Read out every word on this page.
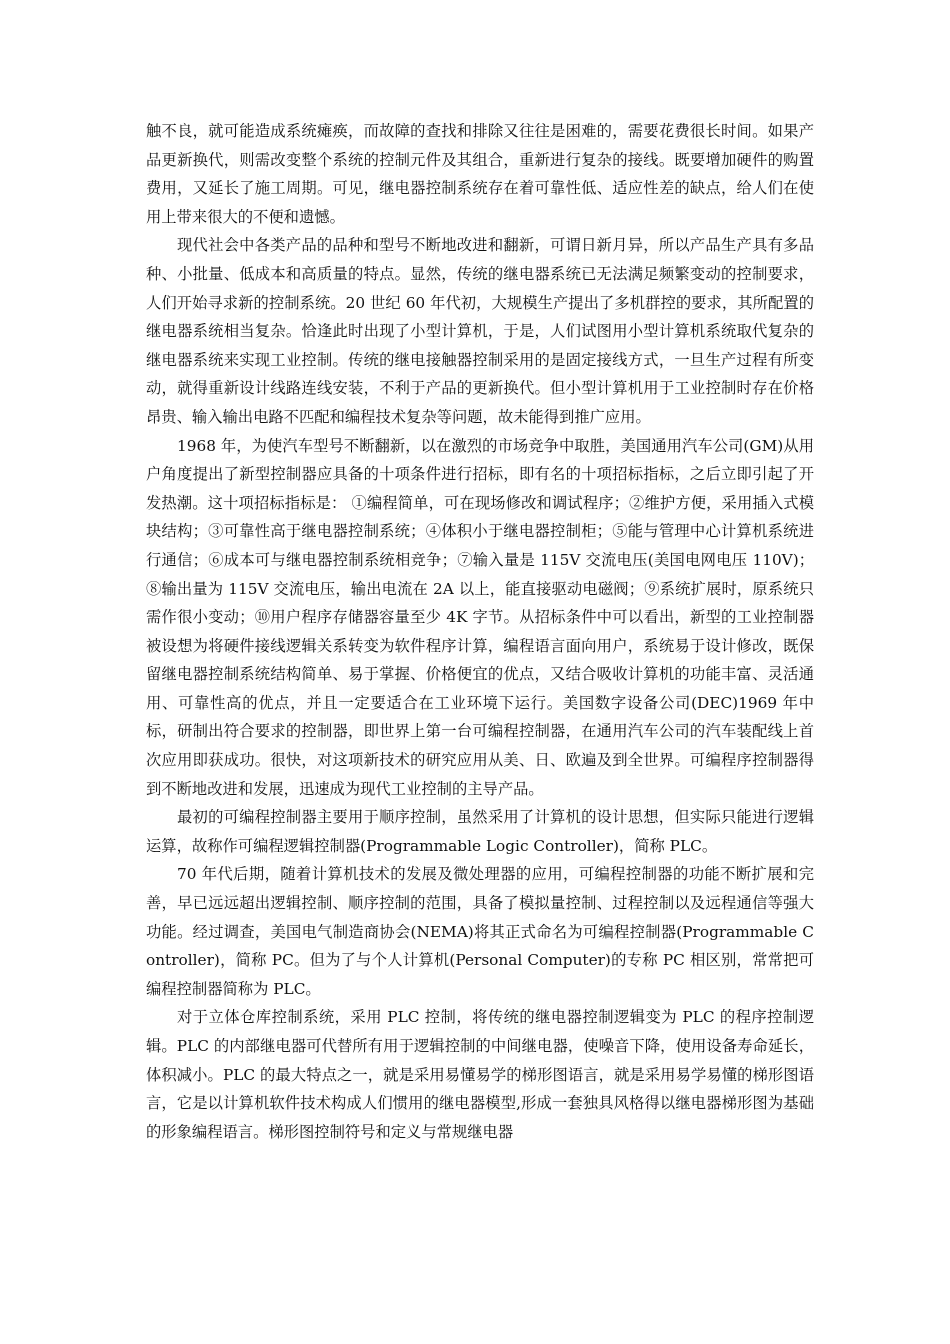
触不良，就可能造成系统瘫痪，而故障的查找和排除又往往是困难的，需要花费很长时间。如果产品更新换代，则需改变整个系统的控制元件及其组合，重新进行复杂的接线。既要增加硬件的购置费用，又延长了施工周期。可见，继电器控制系统存在着可靠性低、适应性差的缺点，给人们在使用上带来很大的不便和遗憾。

现代社会中各类产品的品种和型号不断地改进和翻新，可谓日新月异，所以产品生产具有多品种、小批量、低成本和高质量的特点。显然，传统的继电器系统已无法满足频繁变动的控制要求，人们开始寻求新的控制系统。20 世纪 60 年代初，大规模生产提出了多机群控的要求，其所配置的继电器系统相当复杂。恰逢此时出现了小型计算机，于是，人们试图用小型计算机系统取代复杂的继电器系统来实现工业控制。传统的继电接触器控制采用的是固定接线方式，一旦生产过程有所变动，就得重新设计线路连线安装，不利于产品的更新换代。但小型计算机用于工业控制时存在价格昂贵、输入输出电路不匹配和编程技术复杂等问题，故未能得到推广应用。

1968 年，为使汽车型号不断翻新，以在激烈的市场竞争中取胜，美国通用汽车公司(GM)从用户角度提出了新型控制器应具备的十项条件进行招标，即有名的十项招标指标，之后立即引起了开发热潮。这十项招标指标是： ①编程简单，可在现场修改和调试程序；②维护方便，采用插入式模块结构；③可靠性高于继电器控制系统；④体积小于继电器控制柜；⑤能与管理中心计算机系统进行通信；⑥成本可与继电器控制系统相竞争；⑦输入量是 115V 交流电压(美国电网电压 110V)；⑧输出量为 115V 交流电压，输出电流在 2A 以上，能直接驱动电磁阀；⑨系统扩展时，原系统只需作很小变动；⑩用户程序存储器容量至少 4K 字节。从招标条件中可以看出，新型的工业控制器被设想为将硬件接线逻辑关系转变为软件程序计算，编程语言面向用户，系统易于设计修改，既保留继电器控制系统结构简单、易于掌握、价格便宜的优点，又结合吸收计算机的功能丰富、灵活通用、可靠性高的优点，并且一定要适合在工业环境下运行。美国数字设备公司(DEC)1969 年中标，研制出符合要求的控制器，即世界上第一台可编程控制器，在通用汽车公司的汽车装配线上首次应用即获成功。很快，对这项新技术的研究应用从美、日、欧遍及到全世界。可编程序控制器得到不断地改进和发展，迅速成为现代工业控制的主导产品。

最初的可编程控制器主要用于顺序控制，虽然采用了计算机的设计思想，但实际只能进行逻辑运算，故称作可编程逻辑控制器(Programmable Logic Controller)，简称 PLC。

70 年代后期，随着计算机技术的发展及微处理器的应用，可编程控制器的功能不断扩展和完善，早已远远超出逻辑控制、顺序控制的范围，具备了模拟量控制、过程控制以及远程通信等强大功能。经过调查，美国电气制造商协会(NEMA)将其正式命名为可编程控制器(Programmable Controller)，简称 PC。但为了与个人计算机(Personal Computer)的专称 PC 相区别，常常把可编程控制器简称为 PLC。

对于立体仓库控制系统，采用 PLC 控制，将传统的继电器控制逻辑变为 PLC 的程序控制逻辑。PLC 的内部继电器可代替所有用于逻辑控制的中间继电器，使噪音下降，使用设备寿命延长，体积减小。PLC 的最大特点之一，就是采用易懂易学的梯形图语言，就是采用易学易懂的梯形图语言，它是以计算机软件技术构成人们惯用的继电器模型,形成一套独具风格得以继电器梯形图为基础的形象编程语言。梯形图控制符号和定义与常规继电器
